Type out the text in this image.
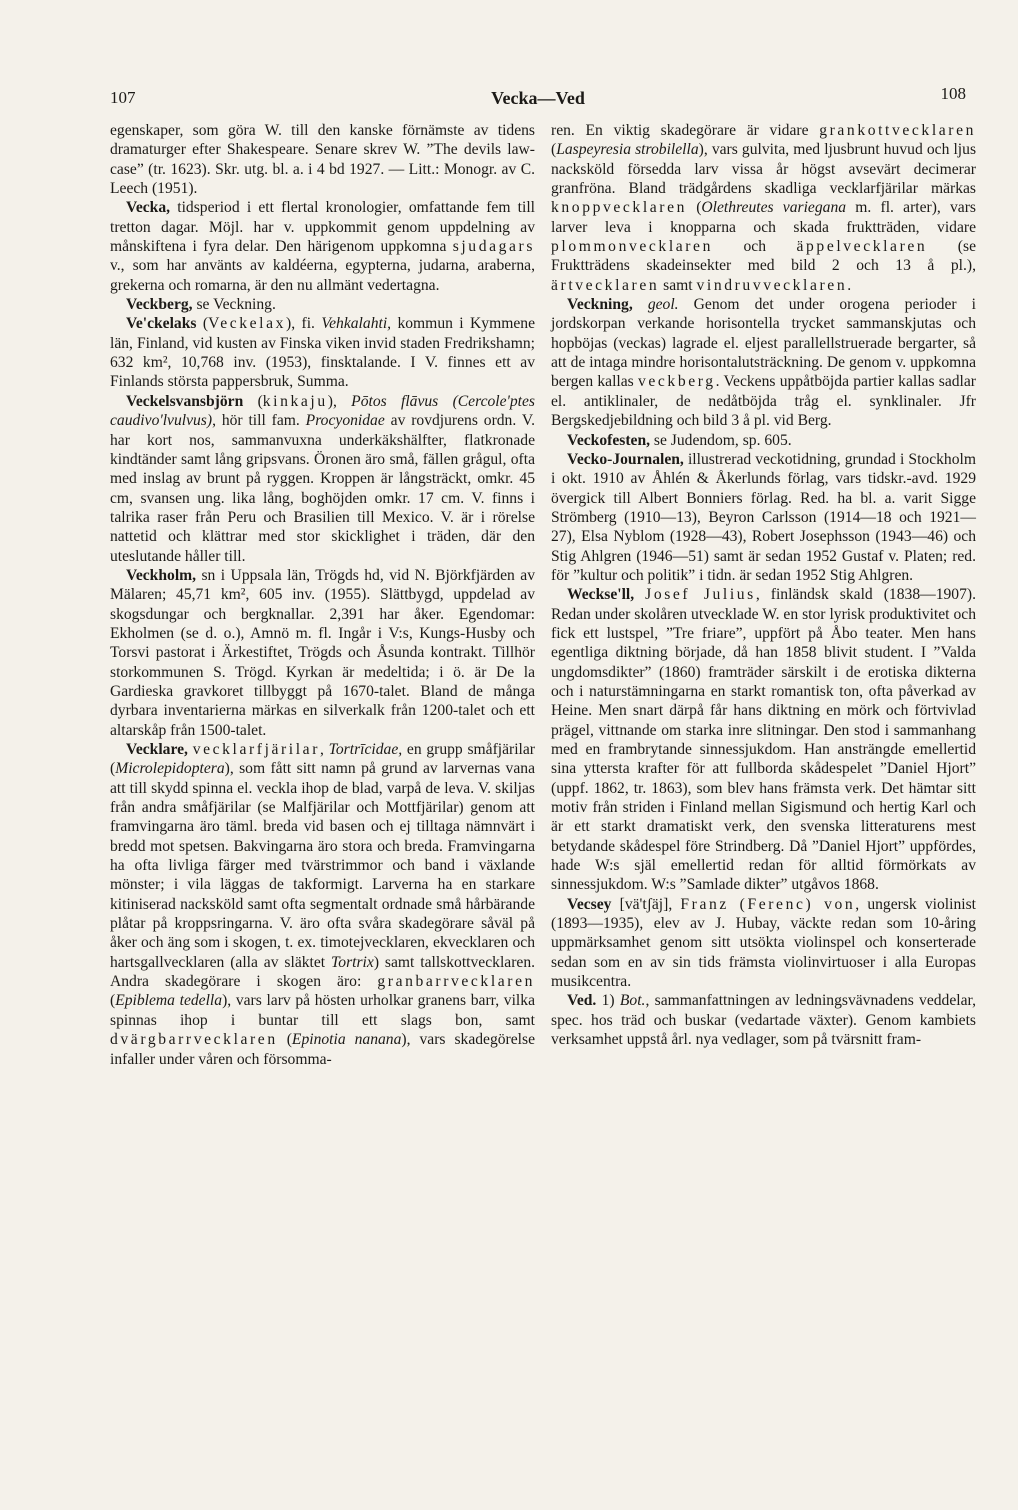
107	Vecka—Ved	108

egenskaper, som göra W. till den kanske förnämste av tidens dramaturger efter Shakespeare. Senare skrev W. ”The devils law-case” (tr. 1623). Skr. utg. bl. a. i 4 bd 1927. — Litt.: Monogr. av C. Leech (1951).

Vecka, tidsperiod i ett flertal kronologier, omfattande fem till tretton dagar. Möjl. har v. uppkommit genom uppdelning av månskiftena i fyra delar. Den härigenom uppkomna sjudagars v., som har använts av kaldéerna, egypterna, judarna, araberna, grekerna och romarna, är den nu allmänt vedertagna.

Veckberg, se Veckning.

Ve'ckelaks (Veckelax), fi. Vehkalahti, kommun i Kymmene län, Finland, vid kusten av Finska viken invid staden Fredrikshamn; 632 km², 10,768 inv. (1953), finsktalande. I V. finnes ett av Finlands största pappersbruk, Summa.

Veckelsvansbjörn (kinkaju), Pōtos flāvus (Cercole'ptes caudivo'lvulvus), hör till fam. Procyonidae av rovdjurens ordn. V. har kort nos, sammanvuxna underkäkshälfter, flatkronade kindtänder samt lång gripsvans. Öronen äro små, fällen grågul, ofta med inslag av brunt på ryggen. Kroppen är långsträckt, omkr. 45 cm, svansen ung. lika lång, boghöjden omkr. 17 cm. V. finns i talrika raser från Peru och Brasilien till Mexico. V. är i rörelse nattetid och klättrar med stor skicklighet i träden, där den uteslutande håller till.

Veckholm, sn i Uppsala län, Trögds hd, vid N. Björkfjärden av Mälaren; 45,71 km², 605 inv. (1955). Slättbygd, uppdelad av skogsdungar och bergknallar. 2,391 har åker. Egendomar: Ekholmen (se d. o.), Amnö m. fl. Ingår i V:s, Kungs-Husby och Torsvi pastorat i Ärkestiftet, Trögds och Åsunda kontrakt. Tillhör storkommunen S. Trögd. Kyrkan är medeltida; i ö. är De la Gardieska gravkoret tillbyggt på 1670-talet. Bland de många dyrbara inventarierna märkas en silverkalk från 1200-talet och ett altarskåp från 1500-talet.

Vecklare, vecklarfjärilar, Tortrīcidae, en grupp småfjärilar (Microlepidoptera), som fått sitt namn på grund av larvernas vana att till skydd spinna el. veckla ihop de blad, varpå de leva. V. skiljas från andra småfjärilar (se Malfjärilar och Mottfjärilar) genom att framvingarna äro täml. breda vid basen och ej tilltaga nämnvärt i bredd mot spetsen. Bakvingarna äro stora och breda. Framvingarna ha ofta livliga färger med tvärstrimmor och band i växlande mönster; i vila läggas de takformigt. Larverna ha en starkare kitiniserad nacksköld samt ofta segmentalt ordnade små hårbärande plåtar på kroppsringarna. V. äro ofta svåra skadegörare såväl på åker och äng som i skogen, t. ex. timotejvecklaren, ekvecklaren och hartsgallvecklaren (alla av släktet Tortrix) samt tallskottvecklaren. Andra skadegörare i skogen äro: granbarrvecklaren (Epiblema tedella), vars larv på hösten urholkar granens barr, vilka spinnas ihop i buntar till ett slags bon, samt dvärgbarrvecklaren (Epinotia nanana), vars skadegörelse infaller under våren och försomma-

ren. En viktig skadegörare är vidare grankottvecklaren (Laspeyresia strobilella), vars gulvita, med ljusbrunt huvud och ljus nacksköld försedda larv vissa år högst avsevärt decimerar granfröna. Bland trädgårdens skadliga vecklarfjärilar märkas knoppvecklaren (Olethreutes variegana m. fl. arter), vars larver leva i knopparna och skada fruktträden, vidare plommonvecklaren och äppelvecklaren (se Fruktträdens skadeinsekter med bild 2 och 13 å pl.), ärtvecklaren samt vindruvvecklaren.

Veckning, geol. Genom det under orogena perioder i jordskorpan verkande horisontella trycket sammanskjutas och hopböjas (veckas) lagrade el. eljest parallellstruerade bergarter, så att de intaga mindre horisontalutsträckning. De genom v. uppkomna bergen kallas veckberg. Veckens uppåtböjda partier kallas sadlar el. antiklinaler, de nedåtböjda tråg el. synklinaler. Jfr Bergskedjebildning och bild 3 å pl. vid Berg.

Veckofesten, se Judendom, sp. 605.

Vecko-Journalen, illustrerad veckotidning, grundad i Stockholm i okt. 1910 av Åhlén & Åkerlunds förlag, vars tidskr.-avd. 1929 övergick till Albert Bonniers förlag. Red. ha bl. a. varit Sigge Strömberg (1910—13), Beyron Carlsson (1914—18 och 1921—27), Elsa Nyblom (1928—43), Robert Josephsson (1943—46) och Stig Ahlgren (1946—51) samt är sedan 1952 Gustaf v. Platen; red. för ”kultur och politik” i tidn. är sedan 1952 Stig Ahlgren.

Weckse'll, Josef Julius, finländsk skald (1838—1907). Redan under skolåren utvecklade W. en stor lyrisk produktivitet och fick ett lustspel, ”Tre friare”, uppfört på Åbo teater. Men hans egentliga diktning började, då han 1858 blivit student. I ”Valda ungdomsdikter” (1860) framträder särskilt i de erotiska dikterna och i naturstämningarna en starkt romantisk ton, ofta påverkad av Heine. Men snart därpå får hans diktning en mörk och förtvivlad prägel, vittnande om starka inre slitningar. Den stod i sammanhang med en frambrytande sinnessjukdom. Han ansträngde emellertid sina yttersta krafter för att fullborda skådespelet ”Daniel Hjort” (uppf. 1862, tr. 1863), som blev hans främsta verk. Det hämtar sitt motiv från striden i Finland mellan Sigismund och hertig Karl och är ett starkt dramatiskt verk, den svenska litteraturens mest betydande skådespel före Strindberg. Då ”Daniel Hjort” uppfördes, hade W:s själ emellertid redan för alltid förmörkats av sinnessjukdom. W:s ”Samlade dikter” utgåvos 1868.

Vecsey [vä'tʃäj], Franz (Ferenc) von, ungersk violinist (1893—1935), elev av J. Hubay, väckte redan som 10-åring uppmärksamhet genom sitt utsökta violinspel och konserterade sedan som en av sin tids främsta violinvirtuoser i alla Europas musikcentra.

Ved. 1) Bot., sammanfattningen av ledningsvävnadens veddelar, spec. hos träd och buskar (vedartade växter). Genom kambiets verksamhet uppstå årl. nya vedlager, som på tvärsnitt fram-
